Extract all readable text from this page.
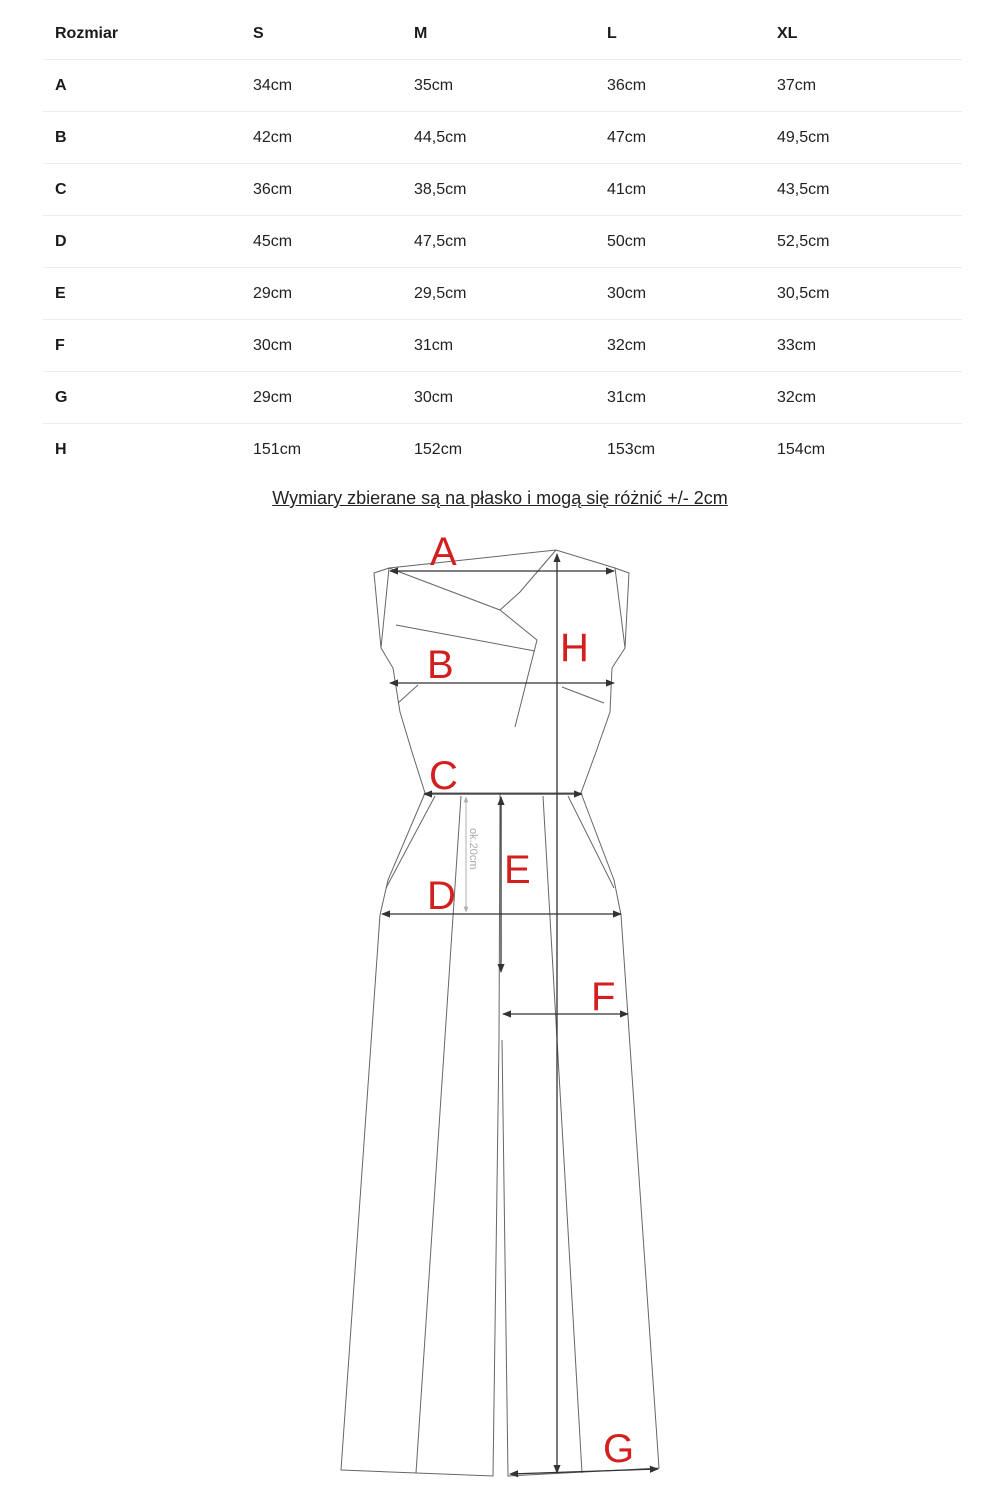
Rozmiar	S	M	L	XL
A	34cm	35cm	36cm	37cm
B	42cm	44,5cm	47cm	49,5cm
C	36cm	38,5cm	41cm	43,5cm
D	45cm	47,5cm	50cm	52,5cm
E	29cm	29,5cm	30cm	30,5cm
F	30cm	31cm	32cm	33cm
G	29cm	30cm	31cm	32cm
H	151cm	152cm	153cm	154cm
Wymiary zbierane są na płasko i mogą się różnić +/- 2cm
ok.20cm
A
B
C
D
E
F
G
H
